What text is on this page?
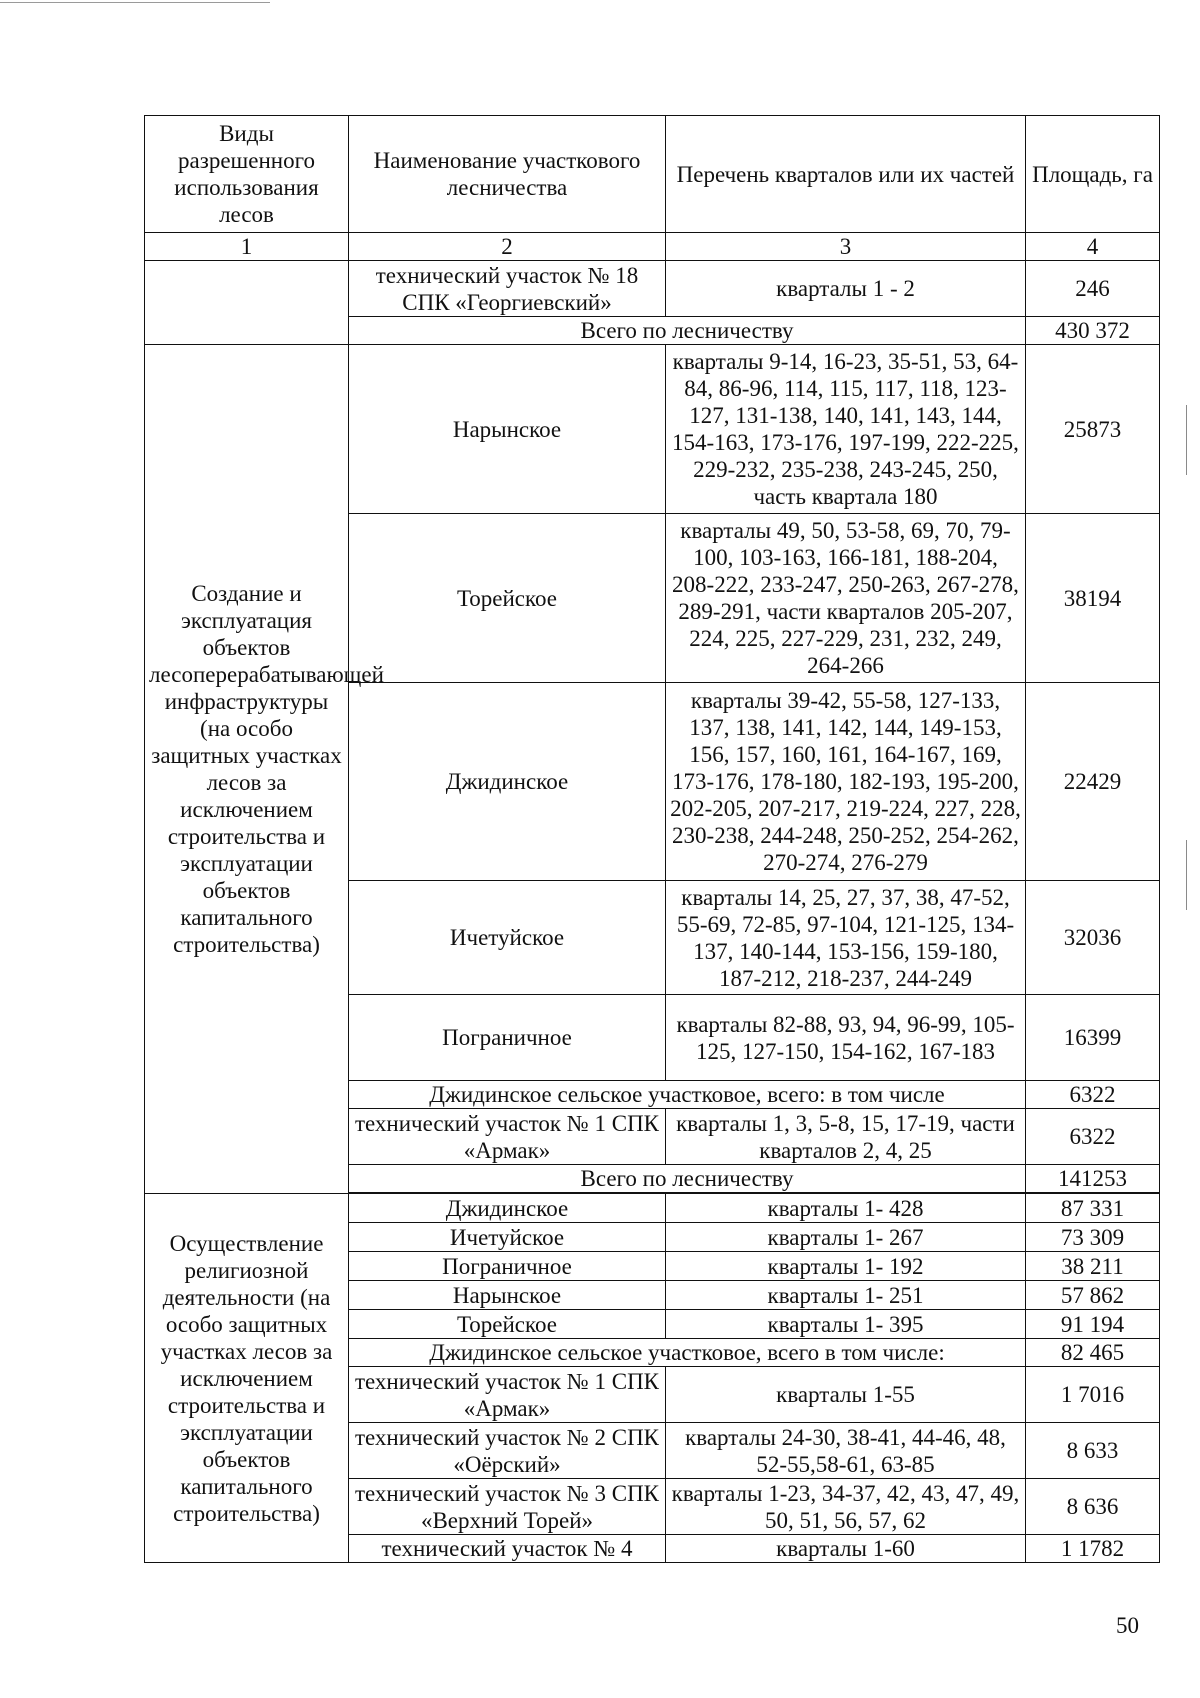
Виды разрешенного использования лесов	Наименование участкового лесничества	Перечень кварталов или их частей	Площадь, га
1	2	3	4
	технический участок № 18 СПК «Георгиевский»	кварталы 1 - 2	246
	Всего по лесничеству		430 372
Создание и эксплуатация объектов лесоперерабатывающей инфраструктуры (на особо защитных участках лесов за исключением строительства и эксплуатации объектов капитального строительства)	Нарынское	кварталы 9-14, 16-23, 35-51, 53, 64-84, 86-96, 114, 115, 117, 118, 123-127, 131-138, 140, 141, 143, 144, 154-163, 173-176, 197-199, 222-225, 229-232, 235-238, 243-245, 250, часть квартала 180	25873
	Торейское	кварталы 49, 50, 53-58, 69, 70, 79-100, 103-163, 166-181, 188-204, 208-222, 233-247, 250-263, 267-278, 289-291, части кварталов 205-207, 224, 225, 227-229, 231, 232, 249, 264-266	38194
	Джидинское	кварталы 39-42, 55-58, 127-133, 137, 138, 141, 142, 144, 149-153, 156, 157, 160, 161, 164-167, 169, 173-176, 178-180, 182-193, 195-200, 202-205, 207-217, 219-224, 227, 228, 230-238, 244-248, 250-252, 254-262, 270-274, 276-279	22429
	Ичетуйское	кварталы 14, 25, 27, 37, 38, 47-52, 55-69, 72-85, 97-104, 121-125, 134-137, 140-144, 153-156, 159-180, 187-212, 218-237, 244-249	32036
	Пограничное	кварталы 82-88, 93, 94, 96-99, 105-125, 127-150, 154-162, 167-183	16399
	Джидинское сельское участковое, всего: в том числе		6322
	технический участок № 1 СПК «Армак»	кварталы 1, 3, 5-8, 15, 17-19, части кварталов 2, 4, 25	6322
	Всего по лесничеству		141253

Осуществление религиозной деятельности (на особо защитных участках лесов за исключением строительства и эксплуатации объектов капитального строительства)	Джидинское	кварталы 1- 428	87 331
	Ичетуйское	кварталы 1- 267	73 309
	Пограничное	кварталы 1- 192	38 211
	Нарынское	кварталы 1- 251	57 862
	Торейское	кварталы 1- 395	91 194
	Джидинское сельское участковое, всего в том числе:		82 465
	технический участок № 1 СПК «Армак»	кварталы 1-55	1 7016
	технический участок № 2 СПК «Оёрский»	кварталы 24-30, 38-41, 44-46, 48, 52-55,58-61, 63-85	8 633
	технический участок № 3 СПК «Верхний Торей»	кварталы 1-23, 34-37, 42, 43, 47, 49, 50, 51, 56, 57, 62	8 636
	технический участок № 4	кварталы 1-60	1 1782
50
